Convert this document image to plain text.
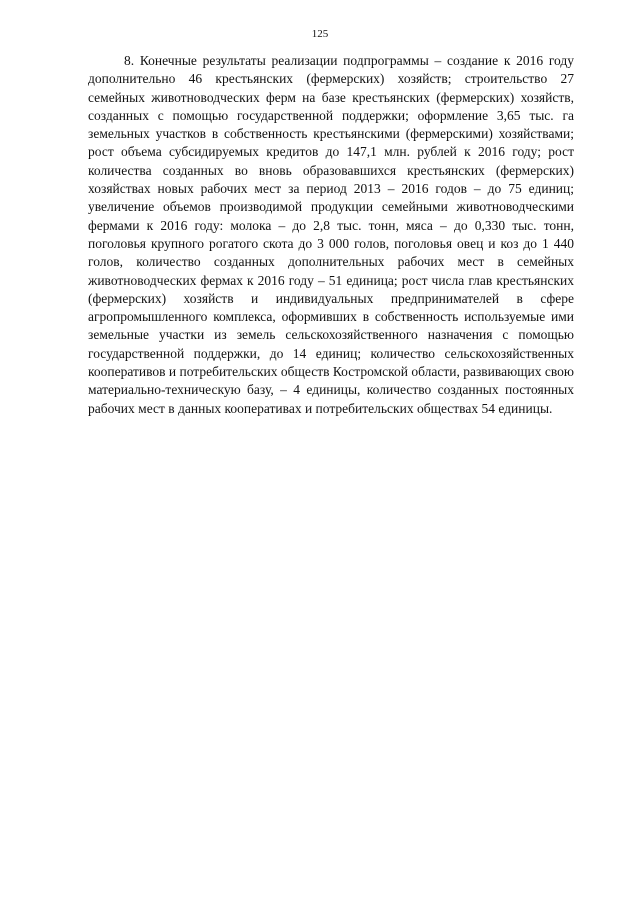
125

8. Конечные результаты реализации подпрограммы – создание к 2016 году дополнительно 46 крестьянских (фермерских) хозяйств; строительство 27 семейных животноводческих ферм на базе крестьянских (фермерских) хозяйств, созданных с помощью государственной поддержки; оформление 3,65 тыс. га земельных участков в собственность крестьянскими (фермерскими) хозяйствами; рост объема субсидируемых кредитов до 147,1 млн. рублей к 2016 году; рост количества созданных во вновь образовавшихся крестьянских (фермерских) хозяйствах новых рабочих мест за период 2013 – 2016 годов – до 75 единиц; увеличение объемов производимой продукции семейными животноводческими фермами к 2016 году: молока – до 2,8 тыс. тонн, мяса – до 0,330 тыс. тонн, поголовья крупного рогатого скота до 3 000 голов, поголовья овец и коз до 1 440 голов, количество созданных дополнительных рабочих мест в семейных животноводческих фермах к 2016 году – 51 единица; рост числа глав крестьянских (фермерских) хозяйств и индивидуальных предпринимателей в сфере агропромышленного комплекса, оформивших в собственность используемые ими земельные участки из земель сельскохозяйственного назначения с помощью государственной поддержки, до 14 единиц; количество сельскохозяйственных кооперативов и потребительских обществ Костромской области, развивающих свою материально-техническую базу, – 4 единицы, количество созданных постоянных рабочих мест в данных кооперативах и потребительских обществах 54 единицы.
